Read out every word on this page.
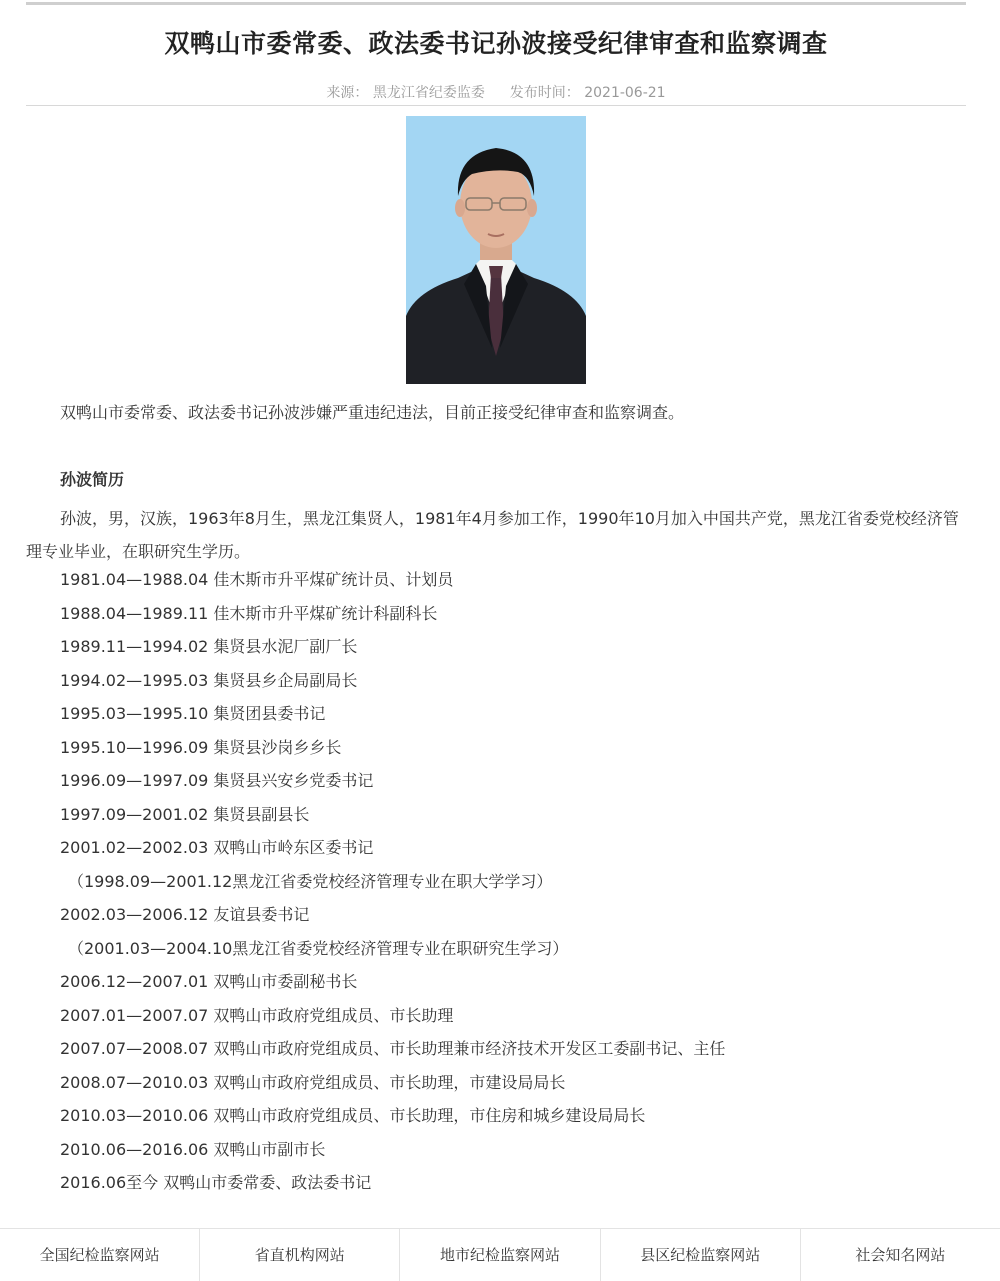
双鸭山市委常委、政法委书记孙波接受纪律审查和监察调查
来源： 黑龙江省纪委监委 发布时间： 2021-06-21

双鸭山市委常委、政法委书记孙波涉嫌严重违纪违法，目前正接受纪律审查和监察调查。

孙波简历

孙波，男，汉族，1963年8月生，黑龙江集贤人，1981年4月参加工作，1990年10月加入中国共产党，黑龙江省委党校经济管理专业毕业，在职研究生学历。

1981.04—1988.04 佳木斯市升平煤矿统计员、计划员
1988.04—1989.11 佳木斯市升平煤矿统计科副科长
1989.11—1994.02 集贤县水泥厂副厂长
1994.02—1995.03 集贤县乡企局副局长
1995.03—1995.10 集贤团县委书记
1995.10—1996.09 集贤县沙岗乡乡长
1996.09—1997.09 集贤县兴安乡党委书记
1997.09—2001.02 集贤县副县长
2001.02—2002.03 双鸭山市岭东区委书记
（1998.09—2001.12黑龙江省委党校经济管理专业在职大学学习）
2002.03—2006.12 友谊县委书记
（2001.03—2004.10黑龙江省委党校经济管理专业在职研究生学习）
2006.12—2007.01 双鸭山市委副秘书长
2007.01—2007.07 双鸭山市政府党组成员、市长助理
2007.07—2008.07 双鸭山市政府党组成员、市长助理兼市经济技术开发区工委副书记、主任
2008.07—2010.03 双鸭山市政府党组成员、市长助理，市建设局局长
2010.03—2010.06 双鸭山市政府党组成员、市长助理，市住房和城乡建设局局长
2010.06—2016.06 双鸭山市副市长
2016.06至今 双鸭山市委常委、政法委书记
全国纪检监察网站	省直机构网站	地市纪检监察网站	县区纪检监察网站	社会知名网站
